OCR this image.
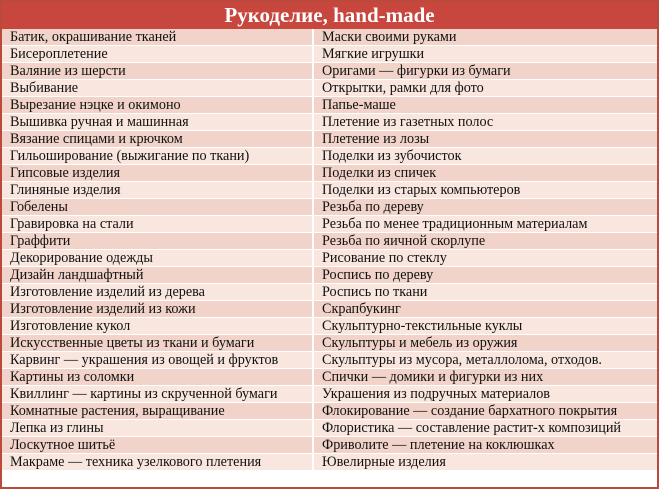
Рукоделие, hand-made
Батик, окрашивание тканей	Маски своими руками
Бисероплетение	Мягкие игрушки
Валяние из шерсти	Оригами — фигурки из бумаги
Выбивание	Открытки, рамки для фото
Вырезание нэцке и окимоно	Папье-маше
Вышивка ручная и машинная	Плетение из газетных полос
Вязание спицами и крючком	Плетение из лозы
Гильоширование (выжигание по ткани)	Поделки из зубочисток
Гипсовые изделия	Поделки из спичек
Глиняные изделия	Поделки из старых компьютеров
Гобелены	Резьба по дереву
Гравировка на стали	Резьба по менее традиционным материалам
Граффити	Резьба по яичной скорлупе
Декорирование одежды	Рисование по стеклу
Дизайн ландшафтный	Роспись по дереву
Изготовление изделий из дерева	Роспись по ткани
Изготовление изделий из кожи	Скрапбукинг
Изготовление кукол	Скульптурно-текстильные куклы
Искусственные цветы из ткани и бумаги	Скульптуры и мебель из оружия
Карвинг — украшения из овощей и фруктов	Скульптуры из мусора, металлолома, отходов.
Картины из соломки	Спички — домики и фигурки из них
Квиллинг — картины из скрученной бумаги	Украшения из подручных материалов
Комнатные растения, выращивание	Флокирование — создание бархатного покрытия
Лепка из глины	Флористика — составление растит-х композиций
Лоскутное шитьё	Фриволите — плетение на коклюшках
Макраме — техника узелкового плетения	Ювелирные изделия
